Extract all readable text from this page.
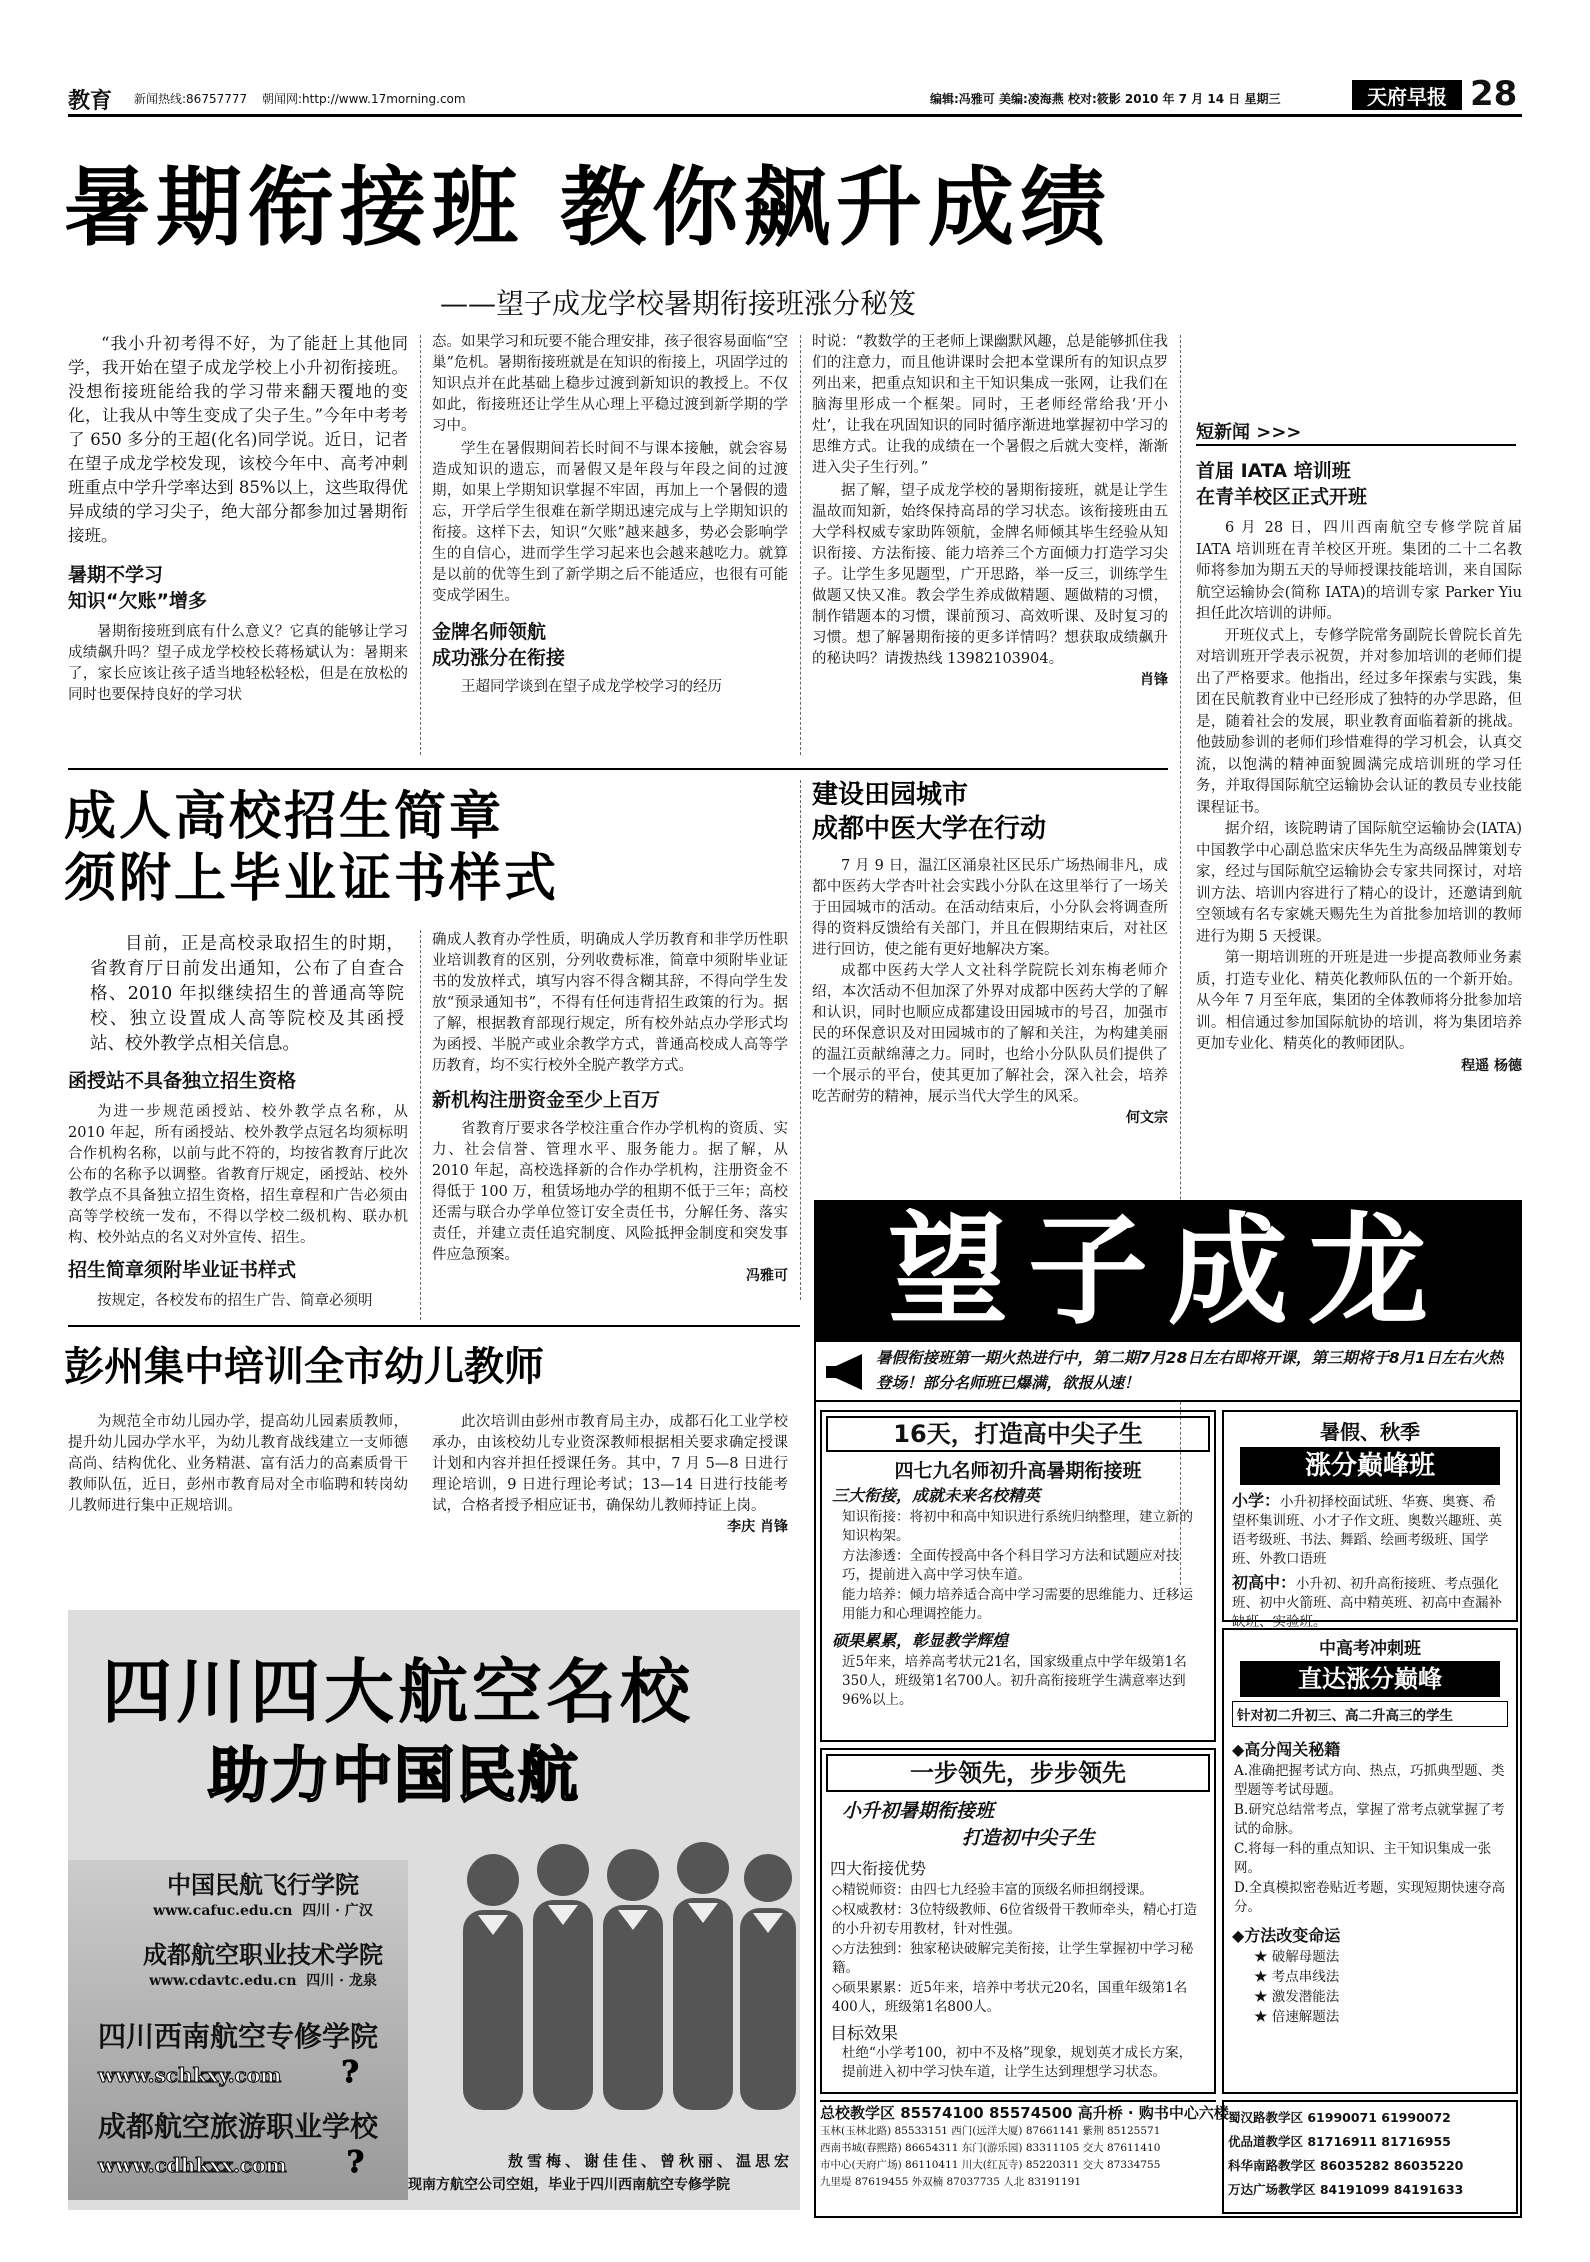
教育 新闻热线:86757777 朝闻网:http://www.17morning.com	编辑:冯雅可 美编:凌海燕 校对:筱影 2010 年 7 月 14 日 星期三	天府早报 28
暑期衔接班 教你飙升成绩
——望子成龙学校暑期衔接班涨分秘笈

“我小升初考得不好，为了能赶上其他同学，我开始在望子成龙学校上小升初衔接班。没想衔接班能给我的学习带来翻天覆地的变化，让我从中等生变成了尖子生。”今年中考考了 650 多分的王超(化名)同学说。近日，记者在望子成龙学校发现，该校今年中、高考冲刺班重点中学升学率达到 85%以上，这些取得优异成绩的学习尖子，绝大部分都参加过暑期衔接班。

暑期不学习
知识“欠账”增多

暑期衔接班到底有什么意义？它真的能够让学习成绩飙升吗？望子成龙学校校长蒋杨斌认为：暑期来了，家长应该让孩子适当地轻松轻松，但是在放松的同时也要保持良好的学习状

态。如果学习和玩要不能合理安排，孩子很容易面临“空巢”危机。暑期衔接班就是在知识的衔接上，巩固学过的知识点并在此基础上稳步过渡到新知识的教授上。不仅如此，衔接班还让学生从心理上平稳过渡到新学期的学习中。

学生在暑假期间若长时间不与课本接触，就会容易造成知识的遗忘，而暑假又是年段与年段之间的过渡期，如果上学期知识掌握不牢固，再加上一个暑假的遗忘，开学后学生很难在新学期迅速完成与上学期知识的衔接。这样下去，知识“欠账”越来越多，势必会影响学生的自信心，进而学生学习起来也会越来越吃力。就算是以前的优等生到了新学期之后不能适应，也很有可能变成学困生。

金牌名师领航
成功涨分在衔接

王超同学谈到在望子成龙学校学习的经历

时说：“教数学的王老师上课幽默风趣，总是能够抓住我们的注意力，而且他讲课时会把本堂课所有的知识点罗列出来，把重点知识和主干知识集成一张网，让我们在脑海里形成一个框架。同时，王老师经常给我‘开小灶’，让我在巩固知识的同时循序渐进地掌握初中学习的思维方式。让我的成绩在一个暑假之后就大变样，渐渐进入尖子生行列。”

据了解，望子成龙学校的暑期衔接班，就是让学生温故而知新，始终保持高昂的学习状态。该衔接班由五大学科权威专家助阵领航，金牌名师倾其毕生经验从知识衔接、方法衔接、能力培养三个方面倾力打造学习尖子。让学生多见题型，广开思路，举一反三，训练学生做题又快又准。教会学生养成做精题、题做精的习惯，制作错题本的习惯，课前预习、高效听课、及时复习的习惯。想了解暑期衔接的更多详情吗？想获取成绩飙升的秘诀吗？请拨热线 13982103904。

肖锋
短新闻 >>>
首届 IATA 培训班
在青羊校区正式开班

6 月 28 日，四川西南航空专修学院首届 IATA 培训班在青羊校区开班。集团的二十二名教师将参加为期五天的导师授课技能培训，来自国际航空运输协会(简称 IATA)的培训专家 Parker Yiu 担任此次培训的讲师。

开班仪式上，专修学院常务副院长曾院长首先对培训班开学表示祝贺，并对参加培训的老师们提出了严格要求。他指出，经过多年探索与实践，集团在民航教育业中已经形成了独特的办学思路，但是，随着社会的发展，职业教育面临着新的挑战。他鼓励参训的老师们珍惜难得的学习机会，认真交流，以饱满的精神面貌圆满完成培训班的学习任务，并取得国际航空运输协会认证的教员专业技能课程证书。

据介绍，该院聘请了国际航空运输协会(IATA)中国教学中心副总监宋庆华先生为高级品牌策划专家，经过与国际航空运输协会专家共同探讨，对培训方法、培训内容进行了精心的设计，还邀请到航空领域有名专家姚天赐先生为首批参加培训的教师进行为期 5 天授课。

第一期培训班的开班是进一步提高教师业务素质，打造专业化、精英化教师队伍的一个新开始。从今年 7 月至年底，集团的全体教师将分批参加培训。相信通过参加国际航协的培训，将为集团培养更加专业化、精英化的教师团队。

程遥 杨德
成人高校招生简章
须附上毕业证书样式

目前，正是高校录取招生的时期，省教育厅日前发出通知，公布了自查合格、2010 年拟继续招生的普通高等院校、独立设置成人高等院校及其函授站、校外教学点相关信息。

函授站不具备独立招生资格

为进一步规范函授站、校外教学点名称，从 2010 年起，所有函授站、校外教学点冠名均须标明合作机构名称，以前与此不符的，均按省教育厅此次公布的名称予以调整。省教育厅规定，函授站、校外教学点不具备独立招生资格，招生章程和广告必须由高等学校统一发布，不得以学校二级机构、联办机构、校外站点的名义对外宣传、招生。

招生简章须附毕业证书样式

按规定，各校发布的招生广告、简章必须明

确成人教育办学性质，明确成人学历教育和非学历性职业培训教育的区别，分列收费标准，简章中须附毕业证书的发放样式，填写内容不得含糊其辞，不得向学生发放“预录通知书”，不得有任何违背招生政策的行为。据了解，根据教育部现行规定，所有校外站点办学形式均为函授、半脱产或业余教学方式，普通高校成人高等学历教育，均不实行校外全脱产教学方式。
新机构注册资金至少上百万

省教育厅要求各学校注重合作办学机构的资质、实力、社会信誉、管理水平、服务能力。据了解，从 2010 年起，高校选择新的合作办学机构，注册资金不得低于 100 万，租赁场地办学的租期不低于三年；高校还需与联合办学单位签订安全责任书，分解任务、落实责任，并建立责任追究制度、风险抵押金制度和突发事件应急预案。

冯雅可
建设田园城市
成都中医大学在行动

7 月 9 日，温江区涌泉社区民乐广场热闹非凡，成都中医药大学杏叶社会实践小分队在这里举行了一场关于田园城市的活动。在活动结束后，小分队会将调查所得的资料反馈给有关部门，并且在假期结束后，对社区进行回访，使之能有更好地解决方案。

成都中医药大学人文社科学院院长刘东梅老师介绍，本次活动不但加深了外界对成都中医药大学的了解和认识，同时也顺应成都建设田园城市的号召，加强市民的环保意识及对田园城市的了解和关注，为构建美丽的温江贡献绵薄之力。同时，也给小分队队员们提供了一个展示的平台，使其更加了解社会，深入社会，培养吃苦耐劳的精神，展示当代大学生的风采。

何文宗
彭州集中培训全市幼儿教师

为规范全市幼儿园办学，提高幼儿园素质教师，提升幼儿园办学水平，为幼儿教育战线建立一支师德高尚、结构优化、业务精湛、富有活力的高素质骨干教师队伍，近日，彭州市教育局对全市临聘和转岗幼儿教师进行集中正规培训。

此次培训由彭州市教育局主办，成都石化工业学校承办，由该校幼儿专业资深教师根据相关要求确定授课计划和内容并担任授课任务。其中，7 月 5—8 日进行理论培训，9 日进行理论考试；13—14 日进行技能考试，合格者授予相应证书，确保幼儿教师持证上岗。

李庆 肖锋
四川四大航空名校
助力中国民航
中国民航飞行学院
www.cafuc.edu.cn 四川 · 广汉
成都航空职业技术学院
www.cdavtc.edu.cn 四川 · 龙泉
四川西南航空专修学院
www.schkxy.com ?
成都航空旅游职业学校
www.cdhkxx.com ?	敖雪梅、谢佳佳、曾秋丽、温思宏
现南方航空公司空姐，毕业于四川西南航空专修学院
望子成龙
暑假衔接班第一期火热进行中，第二期7月28日左右即将开课，第三期将于8月1日左右火热登场！部分名师班已爆满，欲报从速！
16天，打造高中尖子生
四七九名师初升高暑期衔接班
三大衔接，成就未来名校精英
知识衔接：将初中和高中知识进行系统归纳整理，建立新的知识构架。
方法渗透：全面传授高中各个科目学习方法和试题应对技巧，提前进入高中学习快车道。
能力培养：倾力培养适合高中学习需要的思维能力、迁移运用能力和心理调控能力。
硕果累累，彰显教学辉煌
近5年来，培养高考状元21名，国家级重点中学年级第1名350人，班级第1名700人。初升高衔接班学生满意率达到96%以上。
一步领先，步步领先
小升初暑期衔接班
打造初中尖子生
四大衔接优势
◇精锐师资：由四七九经验丰富的顶级名师担纲授课。
◇权威教材：3位特级教师、6位省级骨干教师牵头，精心打造的小升初专用教材，针对性强。
◇方法独到：独家秘诀破解完美衔接，让学生掌握初中学习秘籍。
◇硕果累累：近5年来，培养中考状元20名，国重年级第1名400人，班级第1名800人。
目标效果
杜绝“小学考100，初中不及格”现象，规划英才成长方案，提前进入初中学习快车道，让学生达到理想学习状态。
暑假、秋季
涨分巅峰班
小学：小升初择校面试班、华赛、奥赛、希望杯集训班、小才子作文班、奥数兴趣班、英语考级班、书法、舞蹈、绘画考级班、国学班、外教口语班
初高中：小升初、初升高衔接班、考点强化班、初中火箭班、高中精英班、初高中查漏补缺班、实验班。
中高考冲刺班
直达涨分巅峰
针对初二升初三、高二升高三的学生
◆高分闯关秘籍
A.准确把握考试方向、热点，巧抓典型题、类型题等考试母题。
B.研究总结常考点，掌握了常考点就掌握了考试的命脉。
C.将每一科的重点知识、主干知识集成一张网。
D.全真模拟密卷贴近考题，实现短期快速夺高分。
◆方法改变命运
★ 破解母题法
★ 考点串线法
★ 激发潜能法
★ 倍速解题法
总校教学区 85574100 85574500 高升桥 · 购书中心六楼
玉林(玉林北路) 85533151 西门(远洋大厦) 87661141 紫荆 85125571
西南书城(春熙路) 86654311 东门(游乐园) 83311105 交大 87611410
市中心(天府广场) 86110411 川大(红瓦寺) 85220311 交大 87334755
九里堤 87619455 外双楠 87037735 人北 83191191
蜀汉路教学区 61990071 61990072
优品道教学区 81716911 81716955
科华南路教学区 86035282 86035220
万达广场教学区 84191099 84191633
